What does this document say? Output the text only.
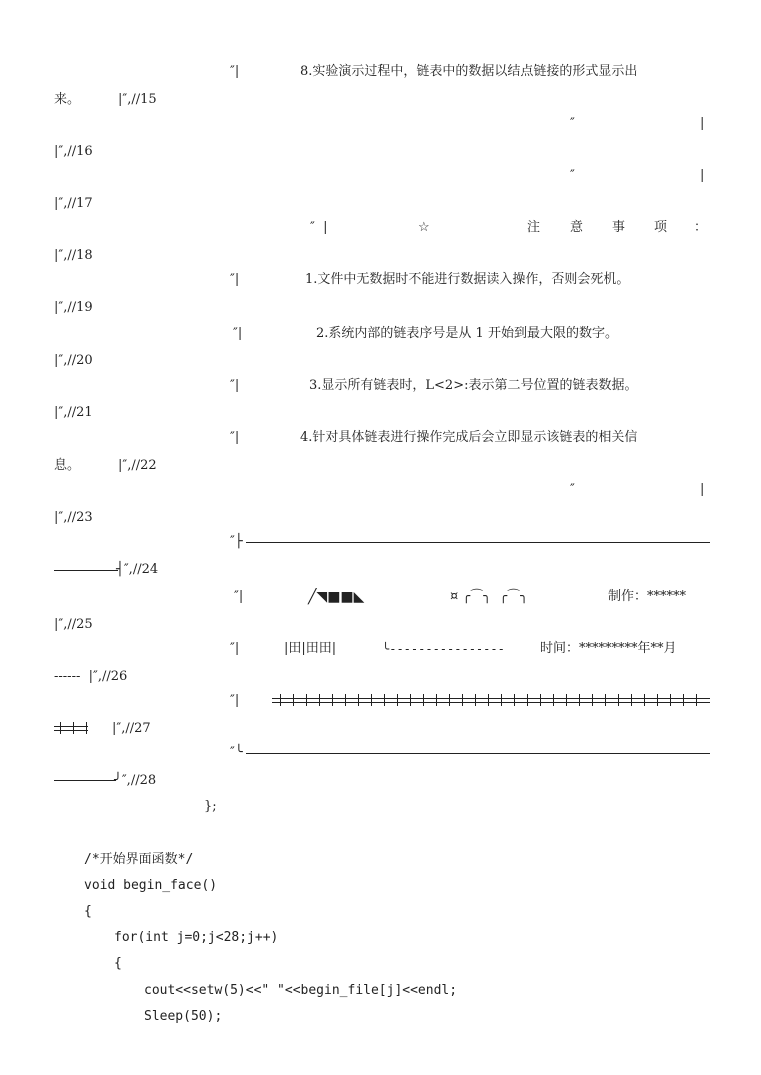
″|	8.实验演示过程中，链表中的数据以结点链接的形式显示出
来。	|″,//15
″	|
|″,//16
″	|
|″,//17
″  |	☆	注 意 事 项 ：
|″,//18
″|	1.文件中无数据时不能进行数据读入操作，否则会死机。
|″,//19
″|	2.系统内部的链表序号是从 1 开始到最大限的数字。
|″,//20
″|	3.显示所有链表时，L<2>:表示第二号位置的链表数据。
|″,//21
″|	4.针对具体链表进行操作完成后会立即显示该链表的相关信
息。	|″,//22
″	|
|″,//23
″├
┤″,//24
″|	╱◥■■◣	¤ ╭⌒╮  ╭⌒╮	制作：******
|″,//25
″|	|田|田田|	╰----------------	时间：*********年**月
------  |″,//26
″|
|″,//27
″╰
╯″,//28
};
/*开始界面函数*/
void begin_face()
{
for(int j=0;j<28;j++)
{
cout<<setw(5)<<" "<<begin_file[j]<<endl;
Sleep(50);
